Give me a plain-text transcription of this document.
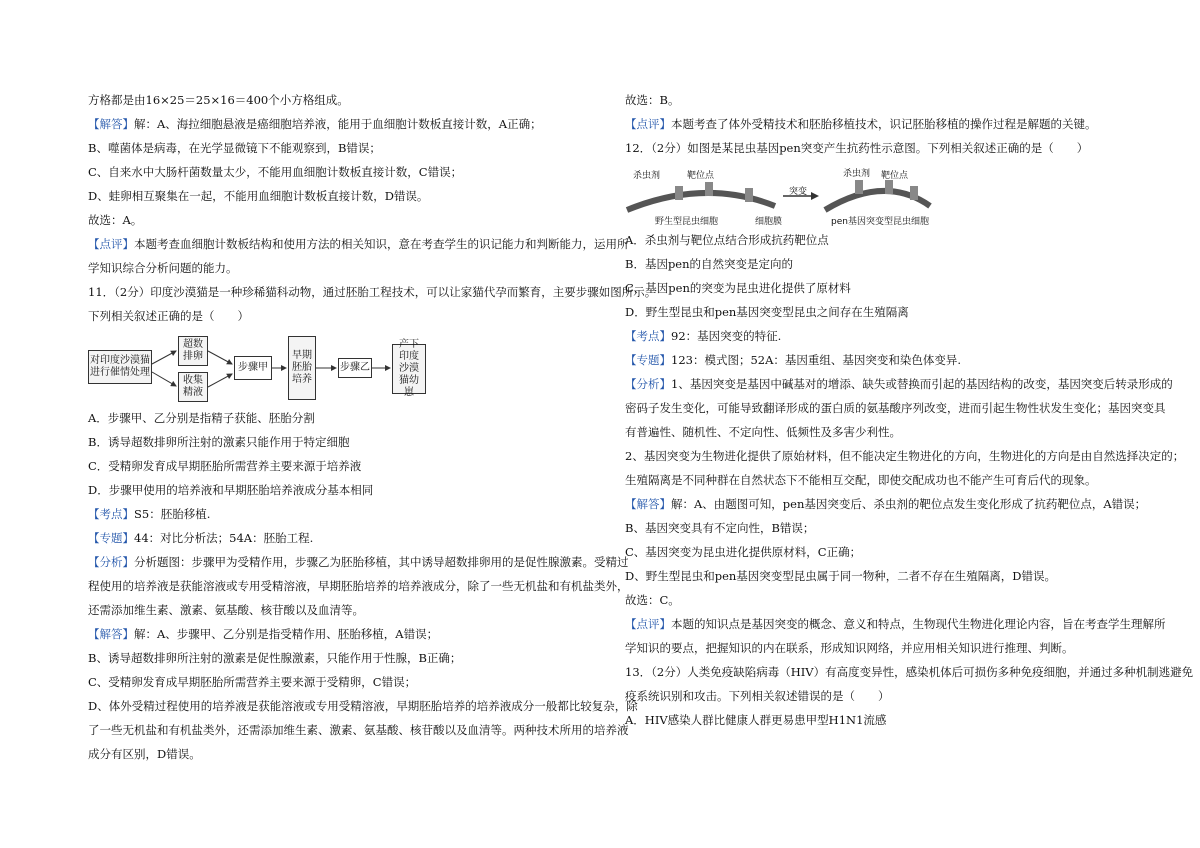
方格都是由16×25＝25×16＝400个小方格组成。
【解答】解：A、海拉细胞悬液是癌细胞培养液，能用于血细胞计数板直接计数，A正确；
B、噬菌体是病毒，在光学显微镜下不能观察到，B错误；
C、自来水中大肠杆菌数量太少，不能用血细胞计数板直接计数，C错误；
D、蛙卵相互聚集在一起，不能用血细胞计数板直接计数，D错误。
故选：A。
【点评】本题考查血细胞计数板结构和使用方法的相关知识，意在考查学生的识记能力和判断能力，运用所
学知识综合分析问题的能力。
11．（2分）印度沙漠猫是一种珍稀猫科动物，通过胚胎工程技术，可以让家猫代孕而繁育，主要步骤如图所示。
下列相关叙述正确的是（　　）
对印度沙漠猫进行催情处理
超数排卵
收集精液
步骤甲
早期胚胎培养
步骤乙
产下印度沙漠猫幼崽
A．步骤甲、乙分别是指精子获能、胚胎分割
B．诱导超数排卵所注射的激素只能作用于特定细胞
C．受精卵发育成早期胚胎所需营养主要来源于培养液
D．步骤甲使用的培养液和早期胚胎培养液成分基本相同
【考点】S5：胚胎移植.
【专题】44：对比分析法；54A：胚胎工程.
【分析】分析题图：步骤甲为受精作用，步骤乙为胚胎移植，其中诱导超数排卵用的是促性腺激素。受精过
程使用的培养液是获能溶液或专用受精溶液，早期胚胎培养的培养液成分，除了一些无机盐和有机盐类外，
还需添加维生素、激素、氨基酸、核苷酸以及血清等。
【解答】解：A、步骤甲、乙分别是指受精作用、胚胎移植，A错误；
B、诱导超数排卵所注射的激素是促性腺激素，只能作用于性腺，B正确；
C、受精卵发育成早期胚胎所需营养主要来源于受精卵，C错误；
D、体外受精过程使用的培养液是获能溶液或专用受精溶液，早期胚胎培养的培养液成分一般都比较复杂，除
了一些无机盐和有机盐类外，还需添加维生素、激素、氨基酸、核苷酸以及血清等。两种技术所用的培养液
成分有区别，D错误。
故选：B。
【点评】本题考查了体外受精技术和胚胎移植技术，识记胚胎移植的操作过程是解题的关键。
12．（2分）如图是某昆虫基因pen突变产生抗药性示意图。下列相关叙述正确的是（　　）
杀虫剂	靶位点
野生型昆虫细胞	细胞膜
突变
杀虫剂 靶位点
pen基因突变型昆虫细胞
A．杀虫剂与靶位点结合形成抗药靶位点
B．基因pen的自然突变是定向的
C．基因pen的突变为昆虫进化提供了原材料
D．野生型昆虫和pen基因突变型昆虫之间存在生殖隔离
【考点】92：基因突变的特征.
【专题】123：模式图；52A：基因重组、基因突变和染色体变异.
【分析】1、基因突变是基因中碱基对的增添、缺失或替换而引起的基因结构的改变，基因突变后转录形成的
密码子发生变化，可能导致翻译形成的蛋白质的氨基酸序列改变，进而引起生物性状发生变化；基因突变具
有普遍性、随机性、不定向性、低频性及多害少利性。
2、基因突变为生物进化提供了原始材料，但不能决定生物进化的方向，生物进化的方向是由自然选择决定的；
生殖隔离是不同种群在自然状态下不能相互交配，即使交配成功也不能产生可育后代的现象。
【解答】解：A、由题图可知，pen基因突变后、杀虫剂的靶位点发生变化形成了抗药靶位点，A错误；
B、基因突变具有不定向性，B错误；
C、基因突变为昆虫进化提供原材料，C正确；
D、野生型昆虫和pen基因突变型昆虫属于同一物种，二者不存在生殖隔离，D错误。
故选：C。
【点评】本题的知识点是基因突变的概念、意义和特点，生物现代生物进化理论内容，旨在考查学生理解所
学知识的要点，把握知识的内在联系，形成知识网络，并应用相关知识进行推理、判断。
13．（2分）人类免疫缺陷病毒（HIV）有高度变异性，感染机体后可损伤多种免疫细胞，并通过多种机制逃避免
疫系统识别和攻击。下列相关叙述错误的是（　　）
A．HIV感染人群比健康人群更易患甲型H1N1流感
